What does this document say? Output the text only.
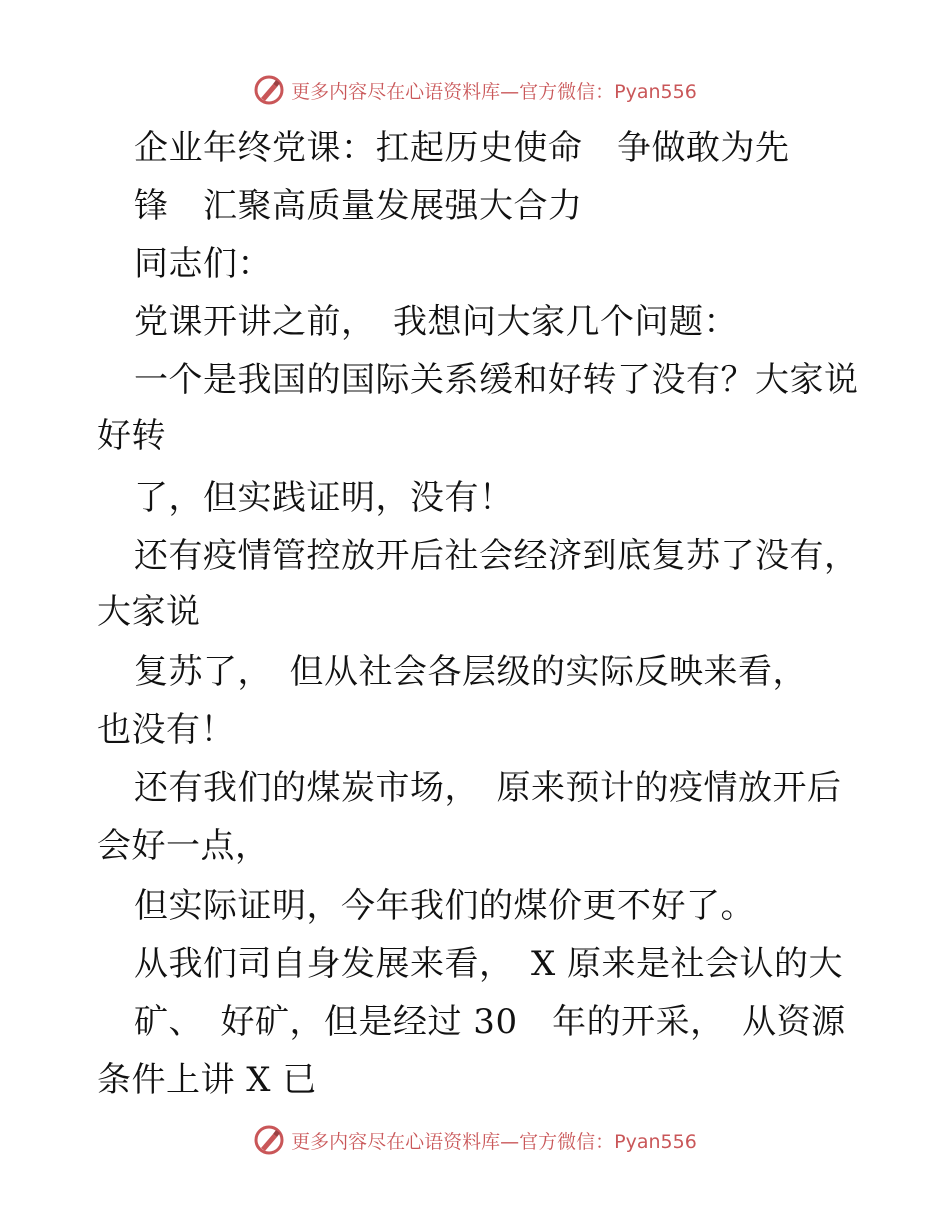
更多内容尽在心语资料库—官方微信：Pyan556
企业年终党课：扛起历史使命　争做敢为先
锋　汇聚高质量发展强大合力
同志们：
党课开讲之前，　我想问大家几个问题：
一个是我国的国际关系缓和好转了没有？大家说
好转
了，但实践证明，没有！
还有疫情管控放开后社会经济到底复苏了没有，
大家说
复苏了，　但从社会各层级的实际反映来看，
也没有！
还有我们的煤炭市场，　原来预计的疫情放开后
会好一点，
但实际证明，今年我们的煤价更不好了。
从我们司自身发展来看，　X 原来是社会认的大
矿、　好矿，但是经过 30　年的开采，　从资源
条件上讲 X 已
更多内容尽在心语资料库—官方微信：Pyan556
